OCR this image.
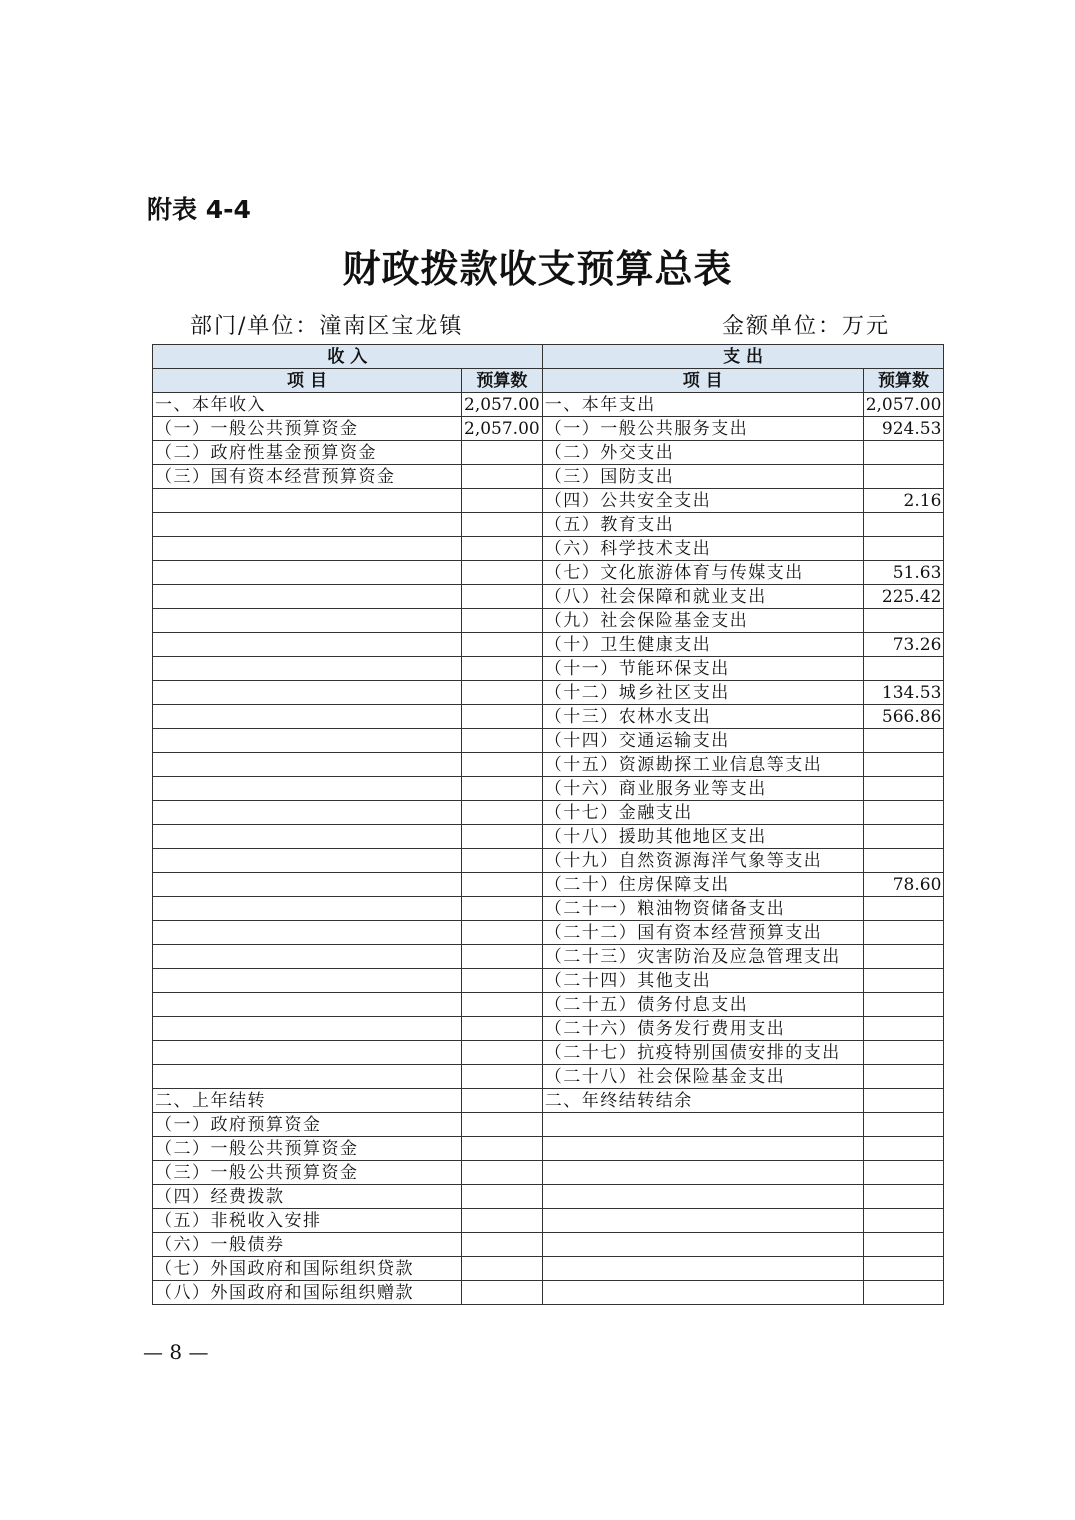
附表 4-4
财政拨款收支预算总表
部门/单位：潼南区宝龙镇	金额单位：万元
收 入		支 出	
项 目	预算数	项 目	预算数
一、本年收入	2,057.00	一、本年支出	2,057.00
（一）一般公共预算资金	2,057.00	（一）一般公共服务支出	924.53
（二）政府性基金预算资金		（二）外交支出	
（三）国有资本经营预算资金		（三）国防支出	
		（四）公共安全支出	2.16
		（五）教育支出	
		（六）科学技术支出	
		（七）文化旅游体育与传媒支出	51.63
		（八）社会保障和就业支出	225.42
		（九）社会保险基金支出	
		（十）卫生健康支出	73.26
		（十一）节能环保支出	
		（十二）城乡社区支出	134.53
		（十三）农林水支出	566.86
		（十四）交通运输支出	
		（十五）资源勘探工业信息等支出	
		（十六）商业服务业等支出	
		（十七）金融支出	
		（十八）援助其他地区支出	
		（十九）自然资源海洋气象等支出	
		（二十）住房保障支出	78.60
		（二十一）粮油物资储备支出	
		（二十二）国有资本经营预算支出	
		（二十三）灾害防治及应急管理支出	
		（二十四）其他支出	
		（二十五）债务付息支出	
		（二十六）债务发行费用支出	
		（二十七）抗疫特别国债安排的支出	
		（二十八）社会保险基金支出	
二、上年结转		二、年终结转结余	
（一）政府预算资金			
（二）一般公共预算资金			
（三）一般公共预算资金			
（四）经费拨款			
（五）非税收入安排			
（六）一般债券			
（七）外国政府和国际组织贷款			
（八）外国政府和国际组织赠款			
— 8 —
